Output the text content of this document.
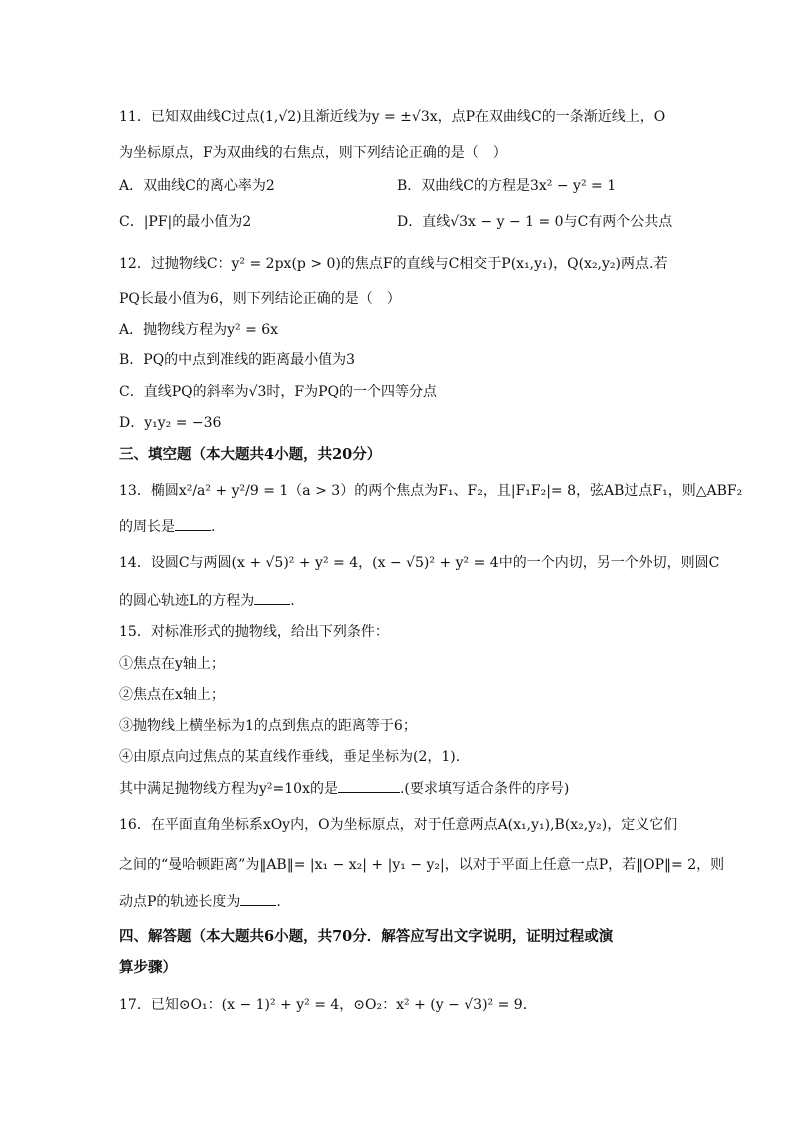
11．已知双曲线C过点(1,√2)且渐近线为y = ±√3x，点P在双曲线C的一条渐近线上，O
为坐标原点，F为双曲线的右焦点，则下列结论正确的是（　）
A．双曲线C的离心率为2
C．|PF|的最小值为2
12．过抛物线C：y² = 2px(p > 0)的焦点F的直线与C相交于P(x₁,y₁)，Q(x₂,y₂)两点.若
PQ长最小值为6，则下列结论正确的是（　）
A．抛物线方程为y² = 6x
B．PQ的中点到准线的距离最小值为3
C．直线PQ的斜率为√3时，F为PQ的一个四等分点
D．y₁y₂ = −36
三、填空题（本大题共4小题，共20分）
13．椭圆x²/a² + y²/9 = 1（a > 3）的两个焦点为F₁、F₂，且|F₁F₂|= 8，弦AB过点F₁，则△ABF₂
的周长是	.
14．设圆C与两圆(x + √5)² + y² = 4，(x − √5)² + y² = 4中的一个内切，另一个外切，则圆C
的圆心轨迹L的方程为	.
15．对标准形式的抛物线，给出下列条件：
①焦点在y轴上；
②焦点在x轴上；
③抛物线上横坐标为1的点到焦点的距离等于6；
④由原点向过焦点的某直线作垂线，垂足坐标为(2，1).
其中满足抛物线方程为y²=10x的是	.(要求填写适合条件的序号)
16．在平面直角坐标系xOy内，O为坐标原点，对于任意两点A(x₁,y₁),B(x₂,y₂)，定义它们
之间的“曼哈顿距离”为‖AB‖= |x₁ − x₂| + |y₁ − y₂|，以对于平面上任意一点P，若‖OP‖= 2，则
动点P的轨迹长度为	.
四、解答题（本大题共6小题，共70分．解答应写出文字说明，证明过程或演
算步骤）
17．已知⊙O₁：(x − 1)² + y² = 4，⊙O₂：x² + (y − √3)² = 9．
B．双曲线C的方程是3x² − y² = 1
D．直线√3x − y − 1 = 0与C有两个公共点
